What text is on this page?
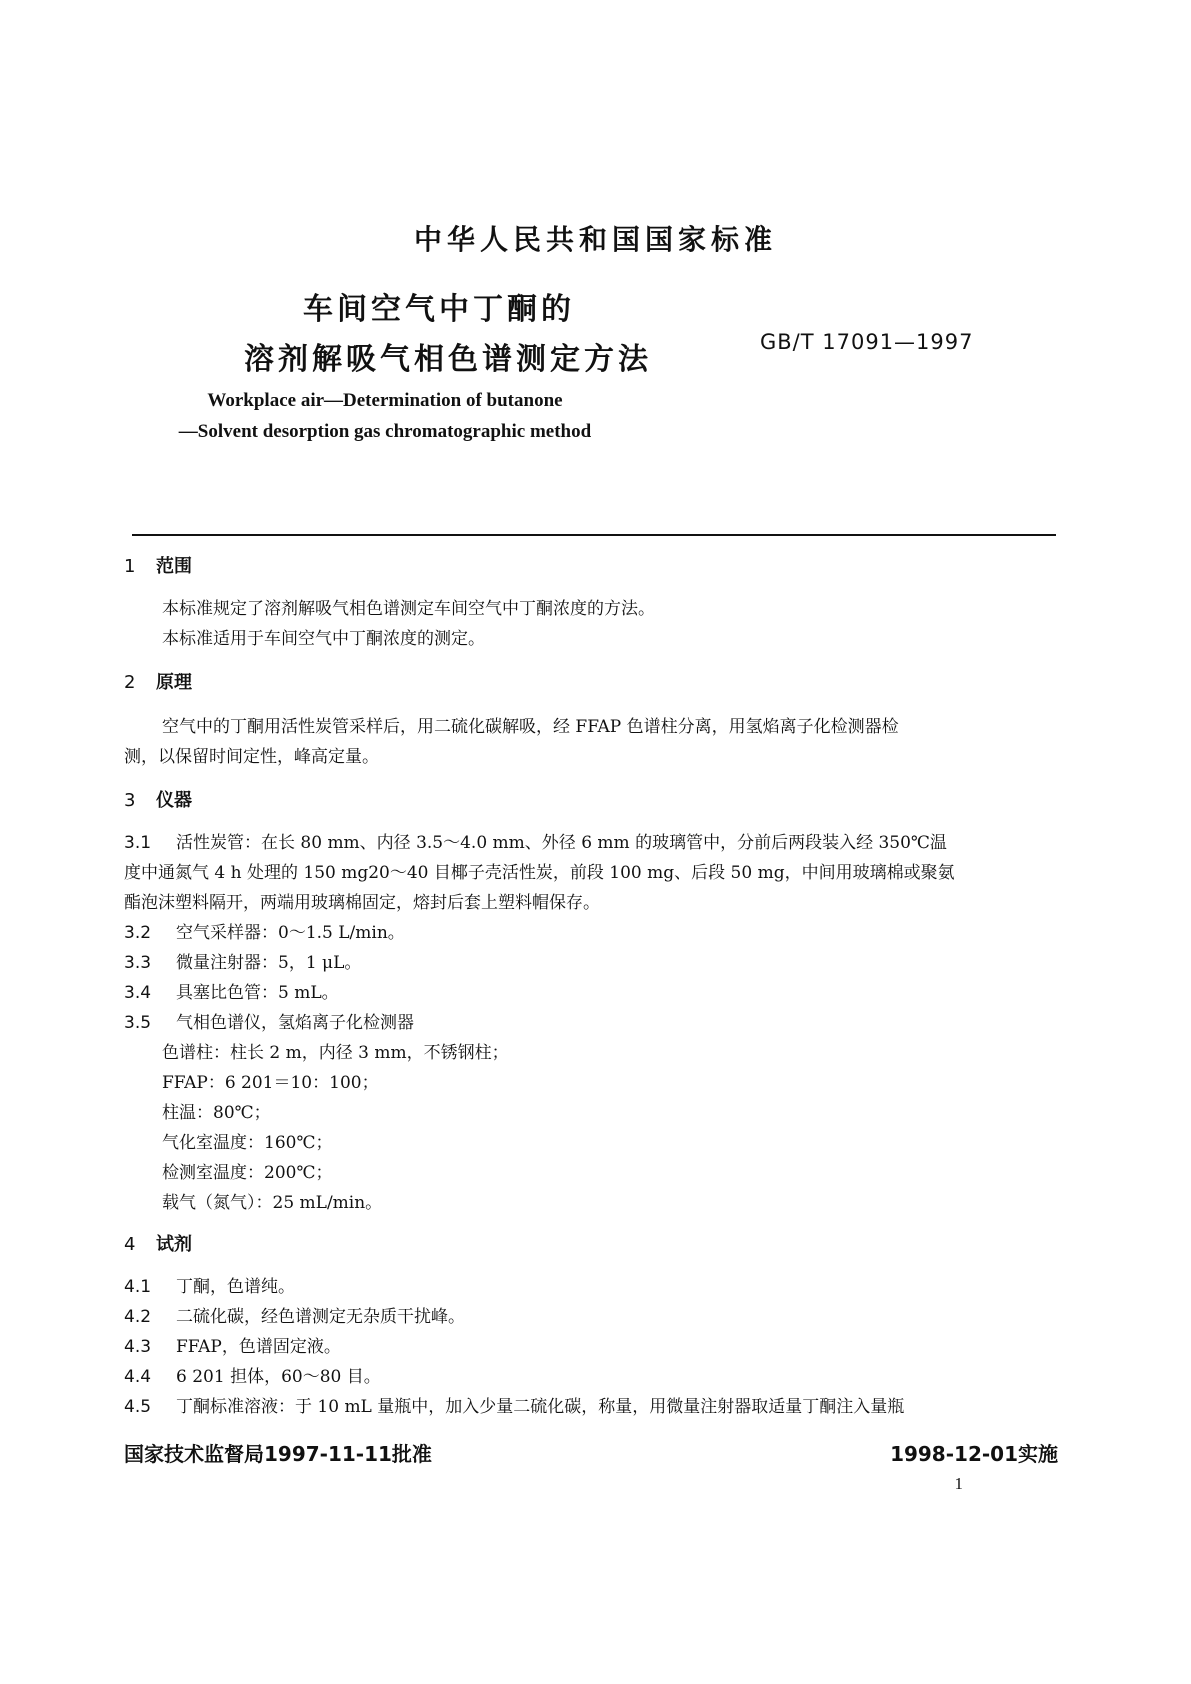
中华人民共和国国家标准
车间空气中丁酮的
溶剂解吸气相色谱测定方法	GB/T 17091—1997
Workplace air—Determination of butanone
—Solvent desorption gas chromatographic method
1 范围
本标准规定了溶剂解吸气相色谱测定车间空气中丁酮浓度的方法。
本标准适用于车间空气中丁酮浓度的测定。
2 原理
空气中的丁酮用活性炭管采样后，用二硫化碳解吸，经 FFAP 色谱柱分离，用氢焰离子化检测器检
测，以保留时间定性，峰高定量。
3 仪器
3.1 活性炭管：在长 80 mm、内径 3.5～4.0 mm、外径 6 mm 的玻璃管中，分前后两段装入经 350℃温
度中通氮气 4 h 处理的 150 mg20～40 目椰子壳活性炭，前段 100 mg、后段 50 mg，中间用玻璃棉或聚氨
酯泡沫塑料隔开，两端用玻璃棉固定，熔封后套上塑料帽保存。
3.2 空气采样器：0～1.5 L/min。
3.3 微量注射器：5，1 μL。
3.4 具塞比色管：5 mL。
3.5 气相色谱仪，氢焰离子化检测器
色谱柱：柱长 2 m，内径 3 mm，不锈钢柱；
FFAP：6 201＝10：100；
柱温：80℃；
气化室温度：160℃；
检测室温度：200℃；
载气（氮气）：25 mL/min。
4 试剂
4.1 丁酮，色谱纯。
4.2 二硫化碳，经色谱测定无杂质干扰峰。
4.3 FFAP，色谱固定液。
4.4 6 201 担体，60～80 目。
4.5 丁酮标准溶液：于 10 mL 量瓶中，加入少量二硫化碳，称量，用微量注射器取适量丁酮注入量瓶
国家技术监督局1997-11-11批准	1998-12-01实施
1
